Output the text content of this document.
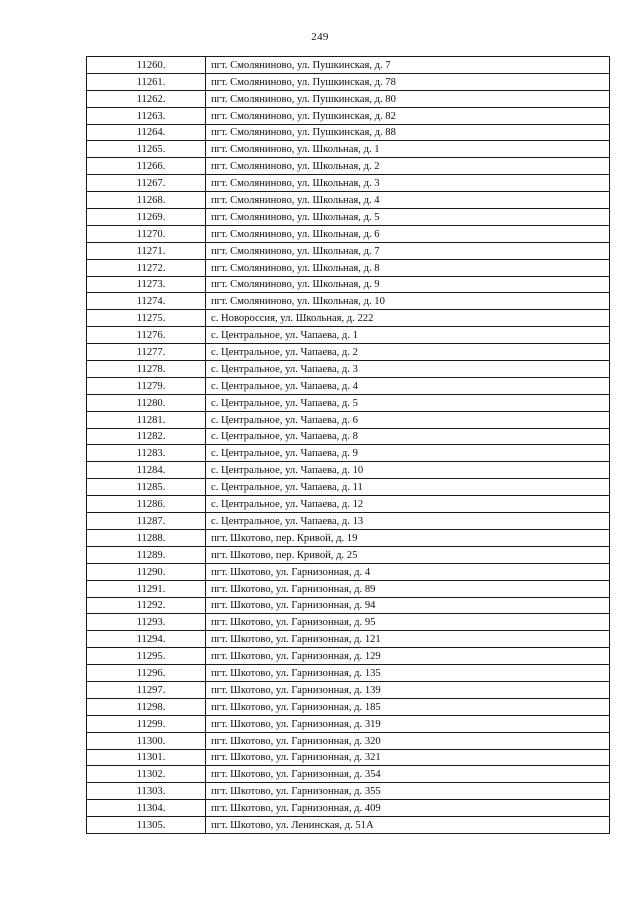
249
11260.	пгт. Смоляниново, ул. Пушкинская, д. 7
11261.	пгт. Смоляниново, ул. Пушкинская, д. 78
11262.	пгт. Смоляниново, ул. Пушкинская, д. 80
11263.	пгт. Смоляниново, ул. Пушкинская, д. 82
11264.	пгт. Смоляниново, ул. Пушкинская, д. 88
11265.	пгт. Смоляниново, ул. Школьная, д. 1
11266.	пгт. Смоляниново, ул. Школьная, д. 2
11267.	пгт. Смоляниново, ул. Школьная, д. 3
11268.	пгт. Смоляниново, ул. Школьная, д. 4
11269.	пгт. Смоляниново, ул. Школьная, д. 5
11270.	пгт. Смоляниново, ул. Школьная, д. 6
11271.	пгт. Смоляниново, ул. Школьная, д. 7
11272.	пгт. Смоляниново, ул. Школьная, д. 8
11273.	пгт. Смоляниново, ул. Школьная, д. 9
11274.	пгт. Смоляниново, ул. Школьная, д. 10
11275.	с. Новороссия, ул. Школьная, д. 222
11276.	с. Центральное, ул. Чапаева, д. 1
11277.	с. Центральное, ул. Чапаева, д. 2
11278.	с. Центральное, ул. Чапаева, д. 3
11279.	с. Центральное, ул. Чапаева, д. 4
11280.	с. Центральное, ул. Чапаева, д. 5
11281.	с. Центральное, ул. Чапаева, д. 6
11282.	с. Центральное, ул. Чапаева, д. 8
11283.	с. Центральное, ул. Чапаева, д. 9
11284.	с. Центральное, ул. Чапаева, д. 10
11285.	с. Центральное, ул. Чапаева, д. 11
11286.	с. Центральное, ул. Чапаева, д. 12
11287.	с. Центральное, ул. Чапаева, д. 13
11288.	пгт. Шкотово, пер. Кривой, д. 19
11289.	пгт. Шкотово, пер. Кривой, д. 25
11290.	пгт. Шкотово, ул. Гарнизонная, д. 4
11291.	пгт. Шкотово, ул. Гарнизонная, д. 89
11292.	пгт. Шкотово, ул. Гарнизонная, д. 94
11293.	пгт. Шкотово, ул. Гарнизонная, д. 95
11294.	пгт. Шкотово, ул. Гарнизонная, д. 121
11295.	пгт. Шкотово, ул. Гарнизонная, д. 129
11296.	пгт. Шкотово, ул. Гарнизонная, д. 135
11297.	пгт. Шкотово, ул. Гарнизонная, д. 139
11298.	пгт. Шкотово, ул. Гарнизонная, д. 185
11299.	пгт. Шкотово, ул. Гарнизонная, д. 319
11300.	пгт. Шкотово, ул. Гарнизонная, д. 320
11301.	пгт. Шкотово, ул. Гарнизонная, д. 321
11302.	пгт. Шкотово, ул. Гарнизонная, д. 354
11303.	пгт. Шкотово, ул. Гарнизонная, д. 355
11304.	пгт. Шкотово, ул. Гарнизонная, д. 409
11305.	пгт. Шкотово, ул. Ленинская, д. 51А
